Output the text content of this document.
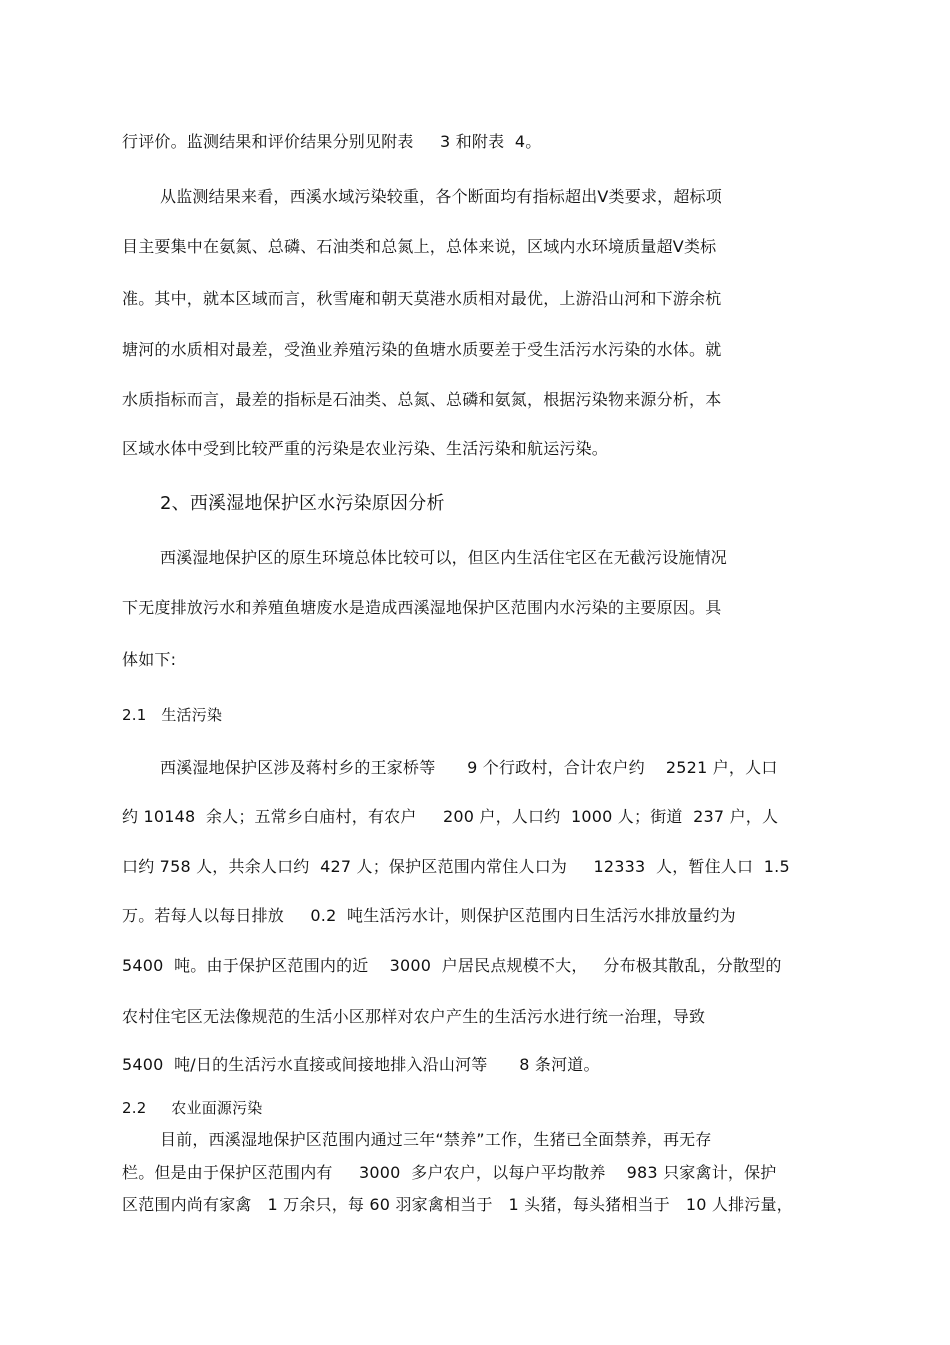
行评价。监测结果和评价结果分别见附表     3 和附表  4。
从监测结果来看，西溪水域污染较重，各个断面均有指标超出Ⅴ类要求，超标项
目主要集中在氨氮、总磷、石油类和总氮上，总体来说，区域内水环境质量超Ⅴ类标
准。其中，就本区域而言，秋雪庵和朝天莫港水质相对最优，上游沿山河和下游余杭
塘河的水质相对最差，受渔业养殖污染的鱼塘水质要差于受生活污水污染的水体。就
水质指标而言，最差的指标是石油类、总氮、总磷和氨氮，根据污染物来源分析，本
区域水体中受到比较严重的污染是农业污染、生活污染和航运污染。
2、西溪湿地保护区水污染原因分析
西溪湿地保护区的原生环境总体比较可以，但区内生活住宅区在无截污设施情况
下无度排放污水和养殖鱼塘废水是造成西溪湿地保护区范围内水污染的主要原因。具
体如下:
2.1   生活污染
西溪湿地保护区涉及蒋村乡的王家桥等      9 个行政村，合计农户约    2521 户，人口
约 10148  余人；五常乡白庙村，有农户     200 户，人口约  1000 人；街道  237 户，人
口约 758 人，共余人口约  427 人；保护区范围内常住人口为     12333  人，暂住人口  1.5
万。若每人以每日排放     0.2  吨生活污水计，则保护区范围内日生活污水排放量约为
5400  吨。由于保护区范围内的近    3000  户居民点规模不大，   分布极其散乱，分散型的
农村住宅区无法像规范的生活小区那样对农户产生的生活污水进行统一治理，导致
5400  吨/日的生活污水直接或间接地排入沿山河等      8 条河道。
2.2     农业面源污染
目前，西溪湿地保护区范围内通过三年“禁养”工作，生猪已全面禁养，再无存
栏。但是由于保护区范围内有     3000  多户农户，以每户平均散养    983 只家禽计，保护
区范围内尚有家禽   1 万余只，每 60 羽家禽相当于   1 头猪，每头猪相当于   10 人排污量，
